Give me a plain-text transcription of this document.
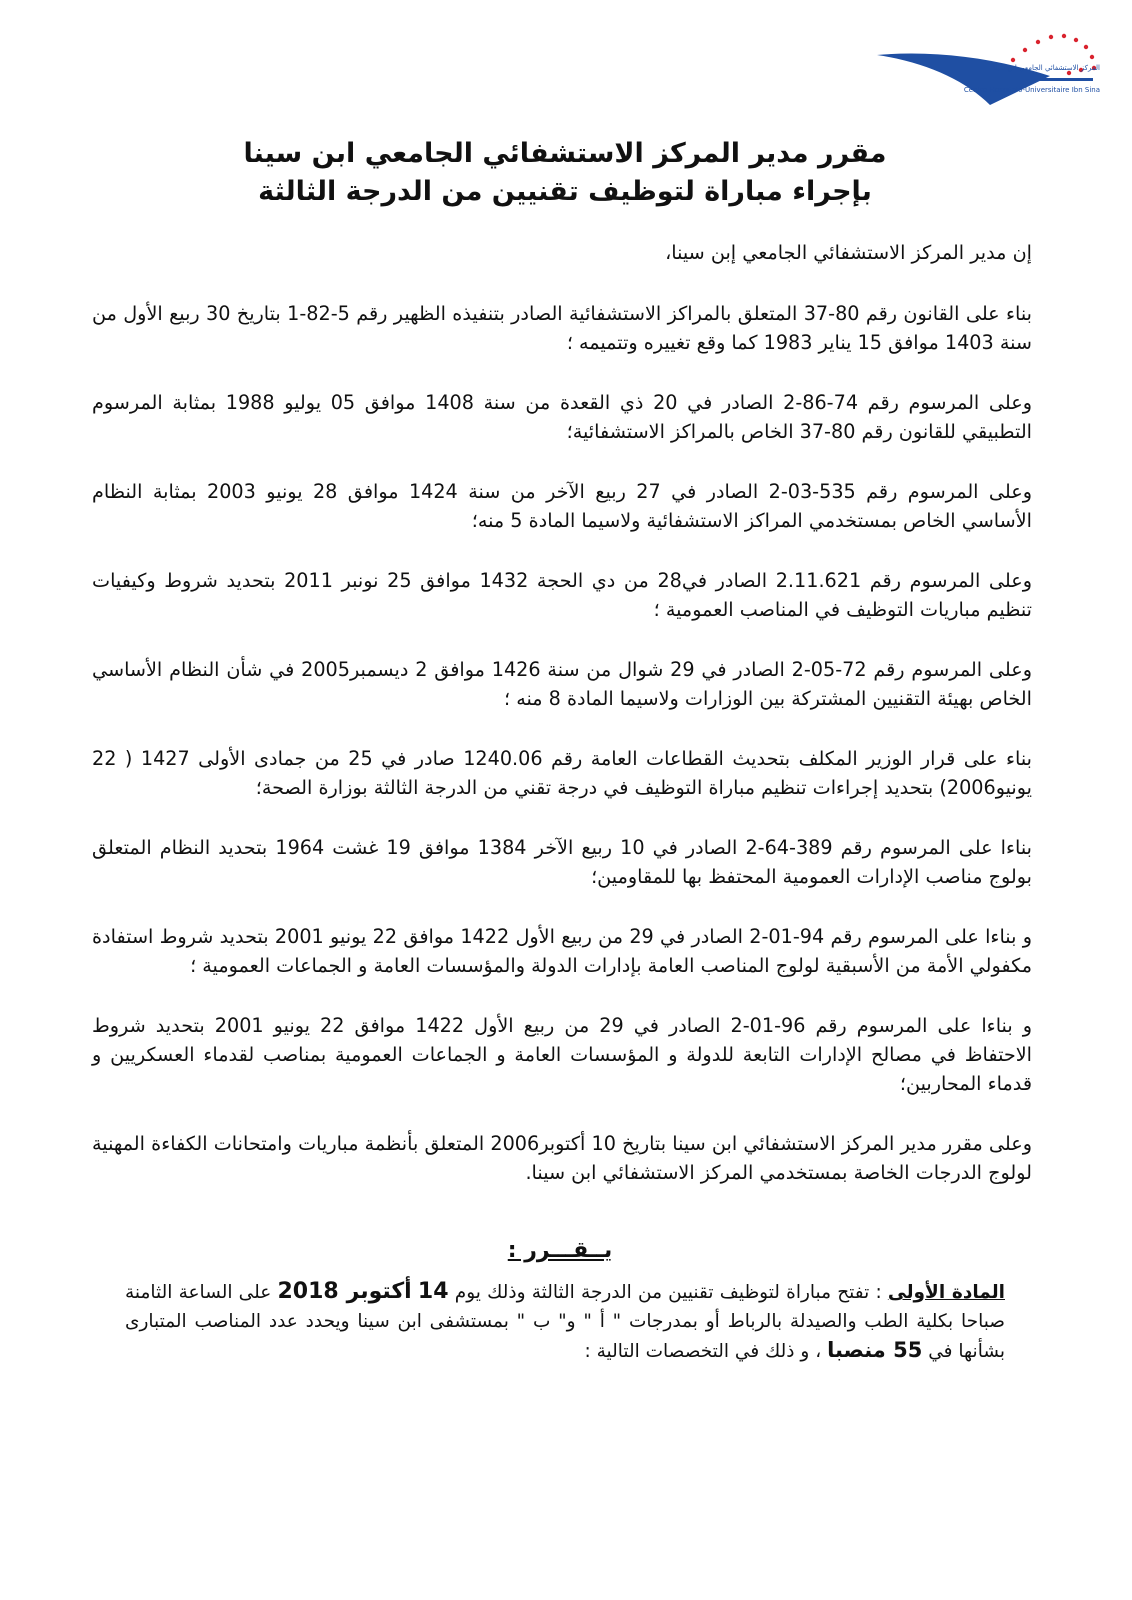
المركز الاستشفائي الجامعي ابن سينا
Centre Hospitalo-Universitaire Ibn Sina

مقرر مدير المركز الاستشفائي الجامعي ابن سينا

بإجراء مباراة لتوظيف تقنيين من الدرجة الثالثة

إن مدير المركز الاستشفائي الجامعي إبن سينا،

بناء على القانون رقم 80-37 المتعلق بالمراكز الاستشفائية الصادر بتنفيذه الظهير رقم 5-82-1 بتاريخ 30 ربيع الأول من سنة 1403 موافق 15 يناير 1983 كما وقع تغييره وتتميمه ؛

وعلى المرسوم رقم 74-86-2 الصادر في 20 ذي القعدة من سنة 1408 موافق 05 يوليو 1988 بمثابة المرسوم التطبيقي للقانون رقم 80-37 الخاص بالمراكز الاستشفائية؛

وعلى المرسوم رقم 535-03-2 الصادر في 27 ربيع الآخر من سنة 1424 موافق 28 يونيو 2003 بمثابة النظام الأساسي الخاص بمستخدمي المراكز الاستشفائية ولاسيما المادة 5 منه؛

وعلى المرسوم رقم 2.11.621 الصادر في28 من دي الحجة 1432 موافق 25 نونبر 2011 بتحديد شروط وكيفيات تنظيم مباريات التوظيف في المناصب العمومية ؛

وعلى المرسوم رقم 72-05-2 الصادر في 29 شوال من سنة 1426 موافق 2 ديسمبر2005 في شأن النظام الأساسي الخاص بهيئة التقنيين المشتركة بين الوزارات ولاسيما المادة 8 منه ؛

بناء على قرار الوزير المكلف بتحديث القطاعات العامة رقم 1240.06 صادر في 25 من جمادى الأولى 1427 ( 22 يونيو2006) بتحديد إجراءات تنظيم مباراة التوظيف في درجة تقني من الدرجة الثالثة بوزارة الصحة؛

بناءا على المرسوم رقم 389-64-2 الصادر في 10 ربيع الآخر 1384 موافق 19 غشت 1964 بتحديد النظام المتعلق بولوج مناصب الإدارات العمومية المحتفظ بها للمقاومين؛

و بناءا على المرسوم رقم 94-01-2 الصادر في 29 من ربيع الأول 1422 موافق 22 يونيو 2001 بتحديد شروط استفادة مكفولي الأمة من الأسبقية لولوج المناصب العامة بإدارات الدولة والمؤسسات العامة و الجماعات العمومية ؛

و بناءا على المرسوم رقم 96-01-2 الصادر في 29 من ربيع الأول 1422 موافق 22 يونيو 2001 بتحديد شروط الاحتفاظ في مصالح الإدارات التابعة للدولة و المؤسسات العامة و الجماعات العمومية بمناصب لقدماء العسكريين و قدماء المحاربين؛

وعلى مقرر مدير المركز الاستشفائي ابن سينا بتاريخ 10 أكتوبر2006 المتعلق بأنظمة مباريات وامتحانات الكفاءة المهنية لولوج الدرجات الخاصة بمستخدمي المركز الاستشفائي ابن سينا.

يــقـــرر :
المادة الأولى : تفتح مباراة لتوظيف تقنيين من الدرجة الثالثة وذلك يوم 14 أكتوبر 2018 على الساعة الثامنة صباحا بكلية الطب والصيدلة بالرباط أو بمدرجات " أ " و" ب " بمستشفى ابن سينا ويحدد عدد المناصب المتبارى بشأنها في 55 منصبا ، و ذلك في التخصصات التالية :
